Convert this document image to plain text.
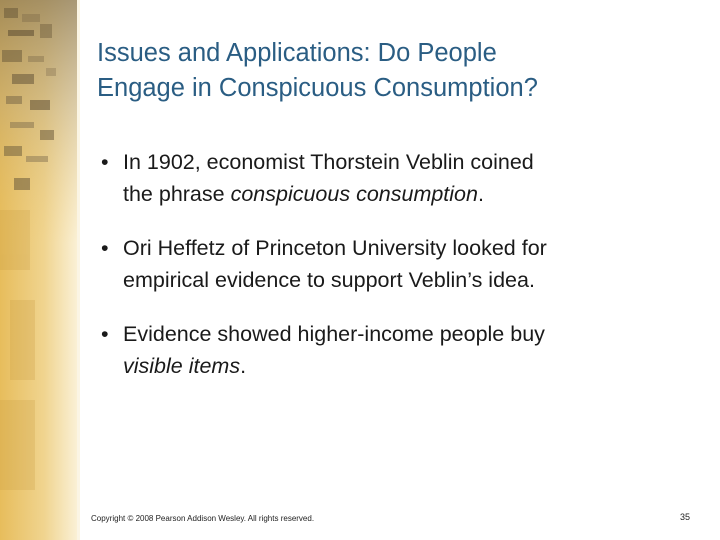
Issues and Applications: Do People
Engage in Conspicuous Consumption?
• In 1902, economist Thorstein Veblin coined
the phrase conspicuous consumption.
• Ori Heffetz of Princeton University looked for
empirical evidence to support Veblin’s idea.
• Evidence showed higher-income people buy
visible items.
Copyright © 2008 Pearson Addison Wesley. All rights reserved.	35
